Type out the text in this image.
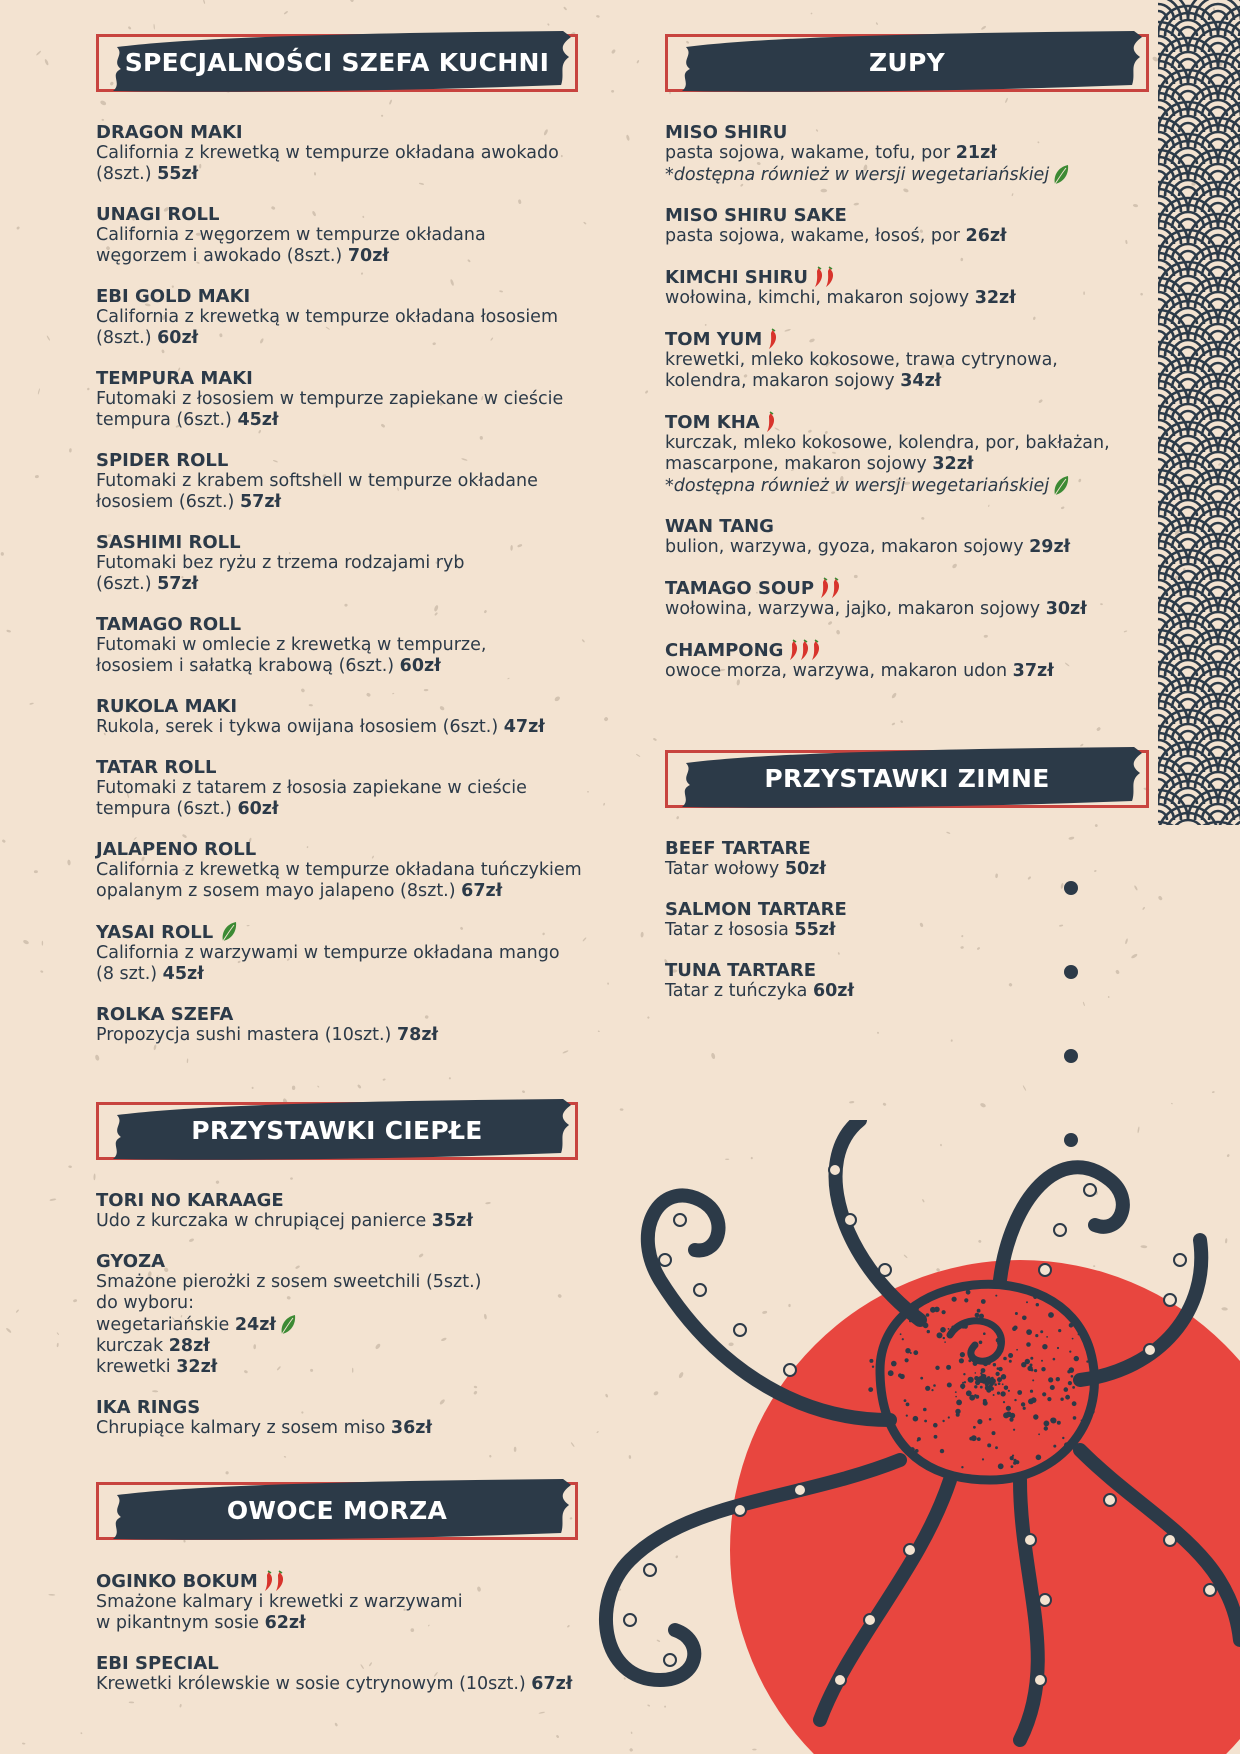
SPECJALNOŚCI SZEFA KUCHNI
DRAGON MAKI
California z krewetką w tempurze okładana awokado
(8szt.) 55zł
UNAGI ROLL
California z węgorzem w tempurze okładana
węgorzem i awokado (8szt.) 70zł
EBI GOLD MAKI
California z krewetką w tempurze okładana łososiem
(8szt.) 60zł
TEMPURA MAKI
Futomaki z łososiem w tempurze zapiekane w cieście
tempura (6szt.) 45zł
SPIDER ROLL
Futomaki z krabem softshell w tempurze okładane
łososiem (6szt.) 57zł
SASHIMI ROLL
Futomaki bez ryżu z trzema rodzajami ryb
(6szt.) 57zł
TAMAGO ROLL
Futomaki w omlecie z krewetką w tempurze,
łososiem i sałatką krabową (6szt.) 60zł
RUKOLA MAKI
Rukola, serek i tykwa owijana łososiem (6szt.) 47zł
TATAR ROLL
Futomaki z tatarem z łososia zapiekane w cieście
tempura (6szt.) 60zł
JALAPENO ROLL
California z krewetką w tempurze okładana tuńczykiem
opalanym z sosem mayo jalapeno (8szt.) 67zł
YASAI ROLL
California z warzywami w tempurze okładana mango
(8 szt.) 45zł
ROLKA SZEFA
Propozycja sushi mastera (10szt.) 78zł
PRZYSTAWKI CIEPŁE
TORI NO KARAAGE
Udo z kurczaka w chrupiącej panierce 35zł
GYOZA
Smażone pierożki z sosem sweetchili (5szt.)
do wyboru:
wegetariańskie 24zł
kurczak 28zł
krewetki 32zł
IKA RINGS
Chrupiące kalmary z sosem miso 36zł
OWOCE MORZA
OGINKO BOKUM
Smażone kalmary i krewetki z warzywami
w pikantnym sosie 62zł
EBI SPECIAL
Krewetki królewskie w sosie cytrynowym (10szt.) 67zł
ZUPY
MISO SHIRU
pasta sojowa, wakame, tofu, por 21zł
*dostępna również w wersji wegetariańskiej
MISO SHIRU SAKE
pasta sojowa, wakame, łosoś, por 26zł
KIMCHI SHIRU
wołowina, kimchi, makaron sojowy 32zł
TOM YUM
krewetki, mleko kokosowe, trawa cytrynowa,
kolendra, makaron sojowy 34zł
TOM KHA
kurczak, mleko kokosowe, kolendra, por, bakłażan,
mascarpone, makaron sojowy 32zł
*dostępna również w wersji wegetariańskiej
WAN TANG
bulion, warzywa, gyoza, makaron sojowy 29zł
TAMAGO SOUP
wołowina, warzywa, jajko, makaron sojowy 30zł
CHAMPONG
owoce morza, warzywa, makaron udon 37zł
PRZYSTAWKI ZIMNE
BEEF TARTARE
Tatar wołowy 50zł
SALMON TARTARE
Tatar z łososia 55zł
TUNA TARTARE
Tatar z tuńczyka 60zł
